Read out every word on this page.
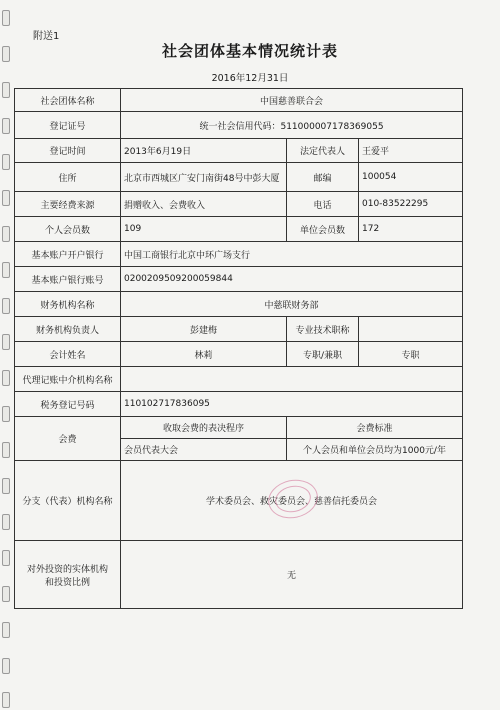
附送1
社会团体基本情况统计表
2016年12月31日
社会团体名称	中国慈善联合会		
登记证号	统一社会信用代码：511000007178369055		
登记时间	2013年6月19日	法定代表人	王爱平
住所	北京市西城区广安门南街48号中彭大厦	邮编	100054
主要经费来源	捐赠收入、会费收入	电话	010-83522295
个人会员数	109	单位会员数	172
基本账户开户银行	中国工商银行北京中环广场支行		
基本账户银行账号	0200209509200059844		
财务机构名称	中慈联财务部		
财务机构负责人	彭建梅	专业技术职称	
会计姓名	林莉	专职/兼职	专职
代理记账中介机构名称			
税务登记号码	110102717836095		
会费	收取会费的表决程序	会费标准	
	会员代表大会	个人会员和单位会员均为1000元/年	
分支（代表）机构名称	学术委员会、救灾委员会、慈善信托委员会		

对外投资的实体机构
和投资比例	无		
